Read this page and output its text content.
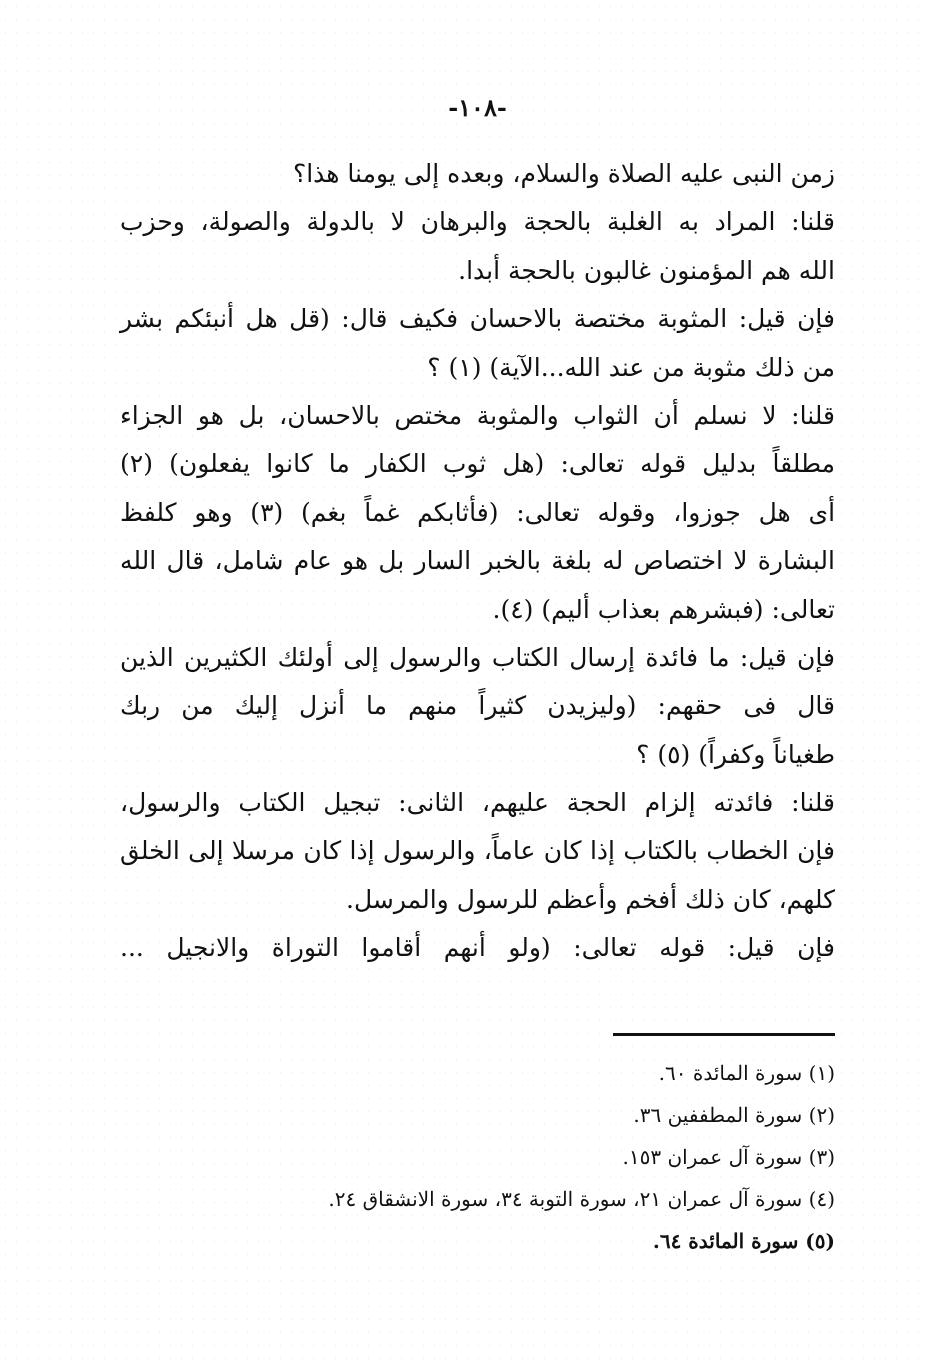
-١٠٨-
زمن النبى عليه الصلاة والسلام، وبعده إلى يومنا هذا؟
قلنا: المراد به الغلبة بالحجة والبرهان لا بالدولة والصولة، وحزب
الله هم المؤمنون غالبون بالحجة أبدا.
فإن قيل: المثوبة مختصة بالاحسان فكيف قال: (قل هل أنبئكم بشر
من ذلك مثوبة من عند الله...الآية) (١) ؟
قلنا: لا نسلم أن الثواب والمثوبة مختص بالاحسان، بل هو الجزاء
مطلقاً بدليل قوله تعالى: (هل ثوب الكفار ما كانوا يفعلون) (٢)
أى هل جوزوا، وقوله تعالى: (فأثابكم غماً بغم) (٣) وهو كلفظ
البشارة لا اختصاص له بلغة بالخبر السار بل هو عام شامل، قال الله
تعالى: (فبشرهم بعذاب أليم) (٤).
فإن قيل: ما فائدة إرسال الكتاب والرسول إلى أولئك الكثيرين الذين
قال فى حقهم: (وليزيدن كثيراً منهم ما أنزل إليك من ربك
طغياناً وكفراً) (٥) ؟
قلنا: فائدته إلزام الحجة عليهم، الثانى: تبجيل الكتاب والرسول،
فإن الخطاب بالكتاب إذا كان عاماً، والرسول إذا كان مرسلا إلى الخلق
كلهم، كان ذلك أفخم وأعظم للرسول والمرسل.
فإن قيل: قوله تعالى: (ولو أنهم أقاموا التوراة والانجيل ...
(١) سورة المائدة ٦٠.
(٢) سورة المطففين ٣٦.
(٣) سورة آل عمران ١٥٣.
(٤) سورة آل عمران ٢١، سورة التوبة ٣٤، سورة الانشقاق ٢٤.
(٥) سورة المائدة ٦٤.
